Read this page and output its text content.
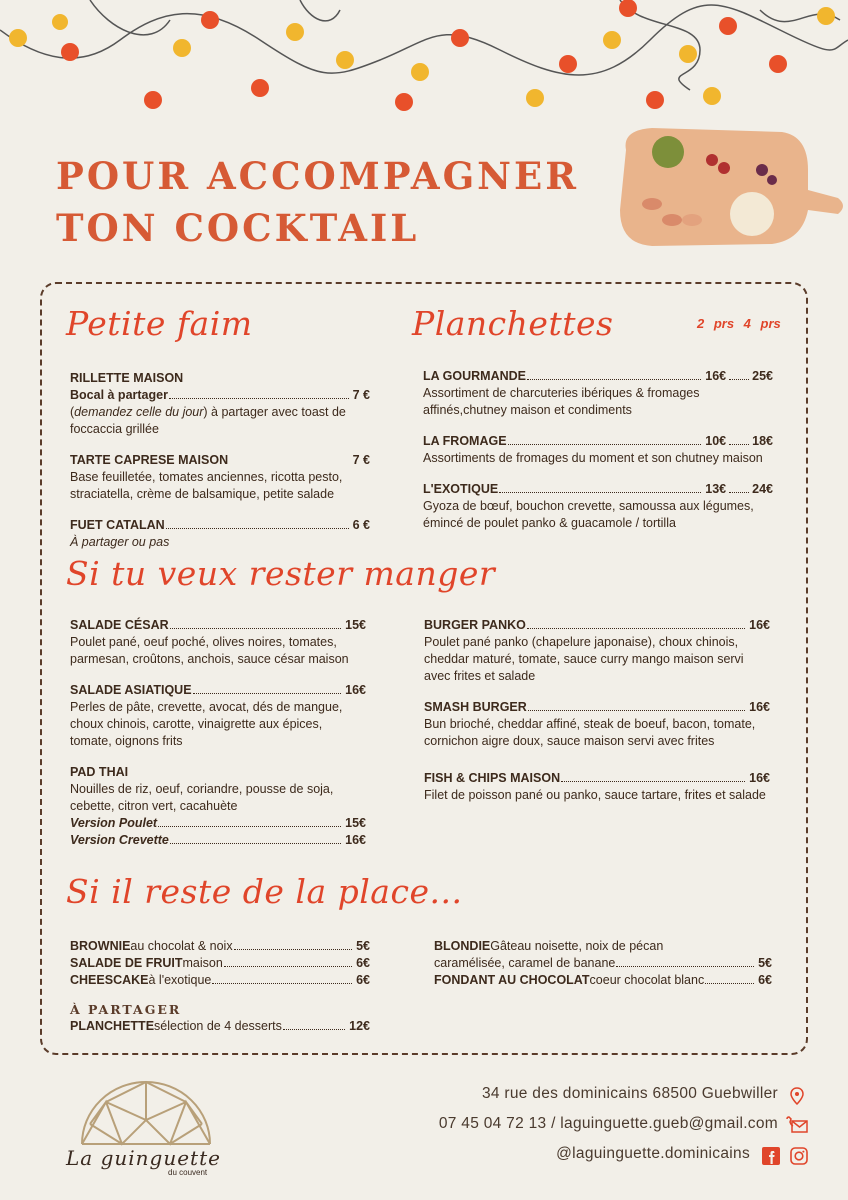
POUR ACCOMPAGNER
TON COCKTAIL
Petite faim
RILLETTE MAISON
Bocal à partager	7 €
(demandez celle du jour) à partager avec toast de foccaccia grillée
TARTE CAPRESE MAISON	7 €
Base feuilletée, tomates anciennes, ricotta pesto, straciatella, crème de balsamique, petite salade
FUET CATALAN	6 €
À partager ou pas
Planchettes	2 prs 4 prs
LA GOURMANDE	16€ 25€
Assortiment de charcuteries ibériques & fromages affinés,chutney maison et condiments
LA FROMAGE	10€ 18€
Assortiments de fromages du moment et son chutney maison
L'EXOTIQUE	13€ 24€
Gyoza de bœuf, bouchon crevette, samoussa aux légumes, émincé de poulet panko & guacamole / tortilla
Si tu veux rester manger
SALADE CÉSAR	15€
Poulet pané, oeuf poché, olives noires, tomates, parmesan, croûtons, anchois, sauce césar maison
SALADE ASIATIQUE	16€
Perles de pâte, crevette, avocat, dés de mangue, choux chinois, carotte, vinaigrette aux épices, tomate, oignons frits
PAD THAI
Nouilles de riz, oeuf, coriandre, pousse de soja, cebette, citron vert, cacahuète
Version Poulet	15€
Version Crevette	16€
BURGER PANKO	16€
Poulet pané panko (chapelure japonaise), choux chinois, cheddar maturé, tomate, sauce curry mango maison servi avec frites et salade
SMASH BURGER	16€
Bun brioché, cheddar affiné, steak de boeuf, bacon, tomate, cornichon aigre doux, sauce maison servi avec frites
FISH & CHIPS MAISON	16€
Filet de poisson pané ou panko, sauce tartare, frites et salade
Si il reste de la place...
BROWNIE au chocolat & noix	5€
SALADE DE FRUIT maison	6€
CHEESCAKE à l'exotique	6€
À PARTAGER
PLANCHETTE sélection de 4 desserts	12€
BLONDIE Gâteau noisette, noix de pécan
caramélisée, caramel de banane	5€
FONDANT AU CHOCOLAT coeur chocolat blanc	6€
La guinguette
du couvent
34 rue des dominicains 68500 Guebwiller
07 45 04 72 13 / laguinguette.gueb@gmail.com
@laguinguette.dominicains
